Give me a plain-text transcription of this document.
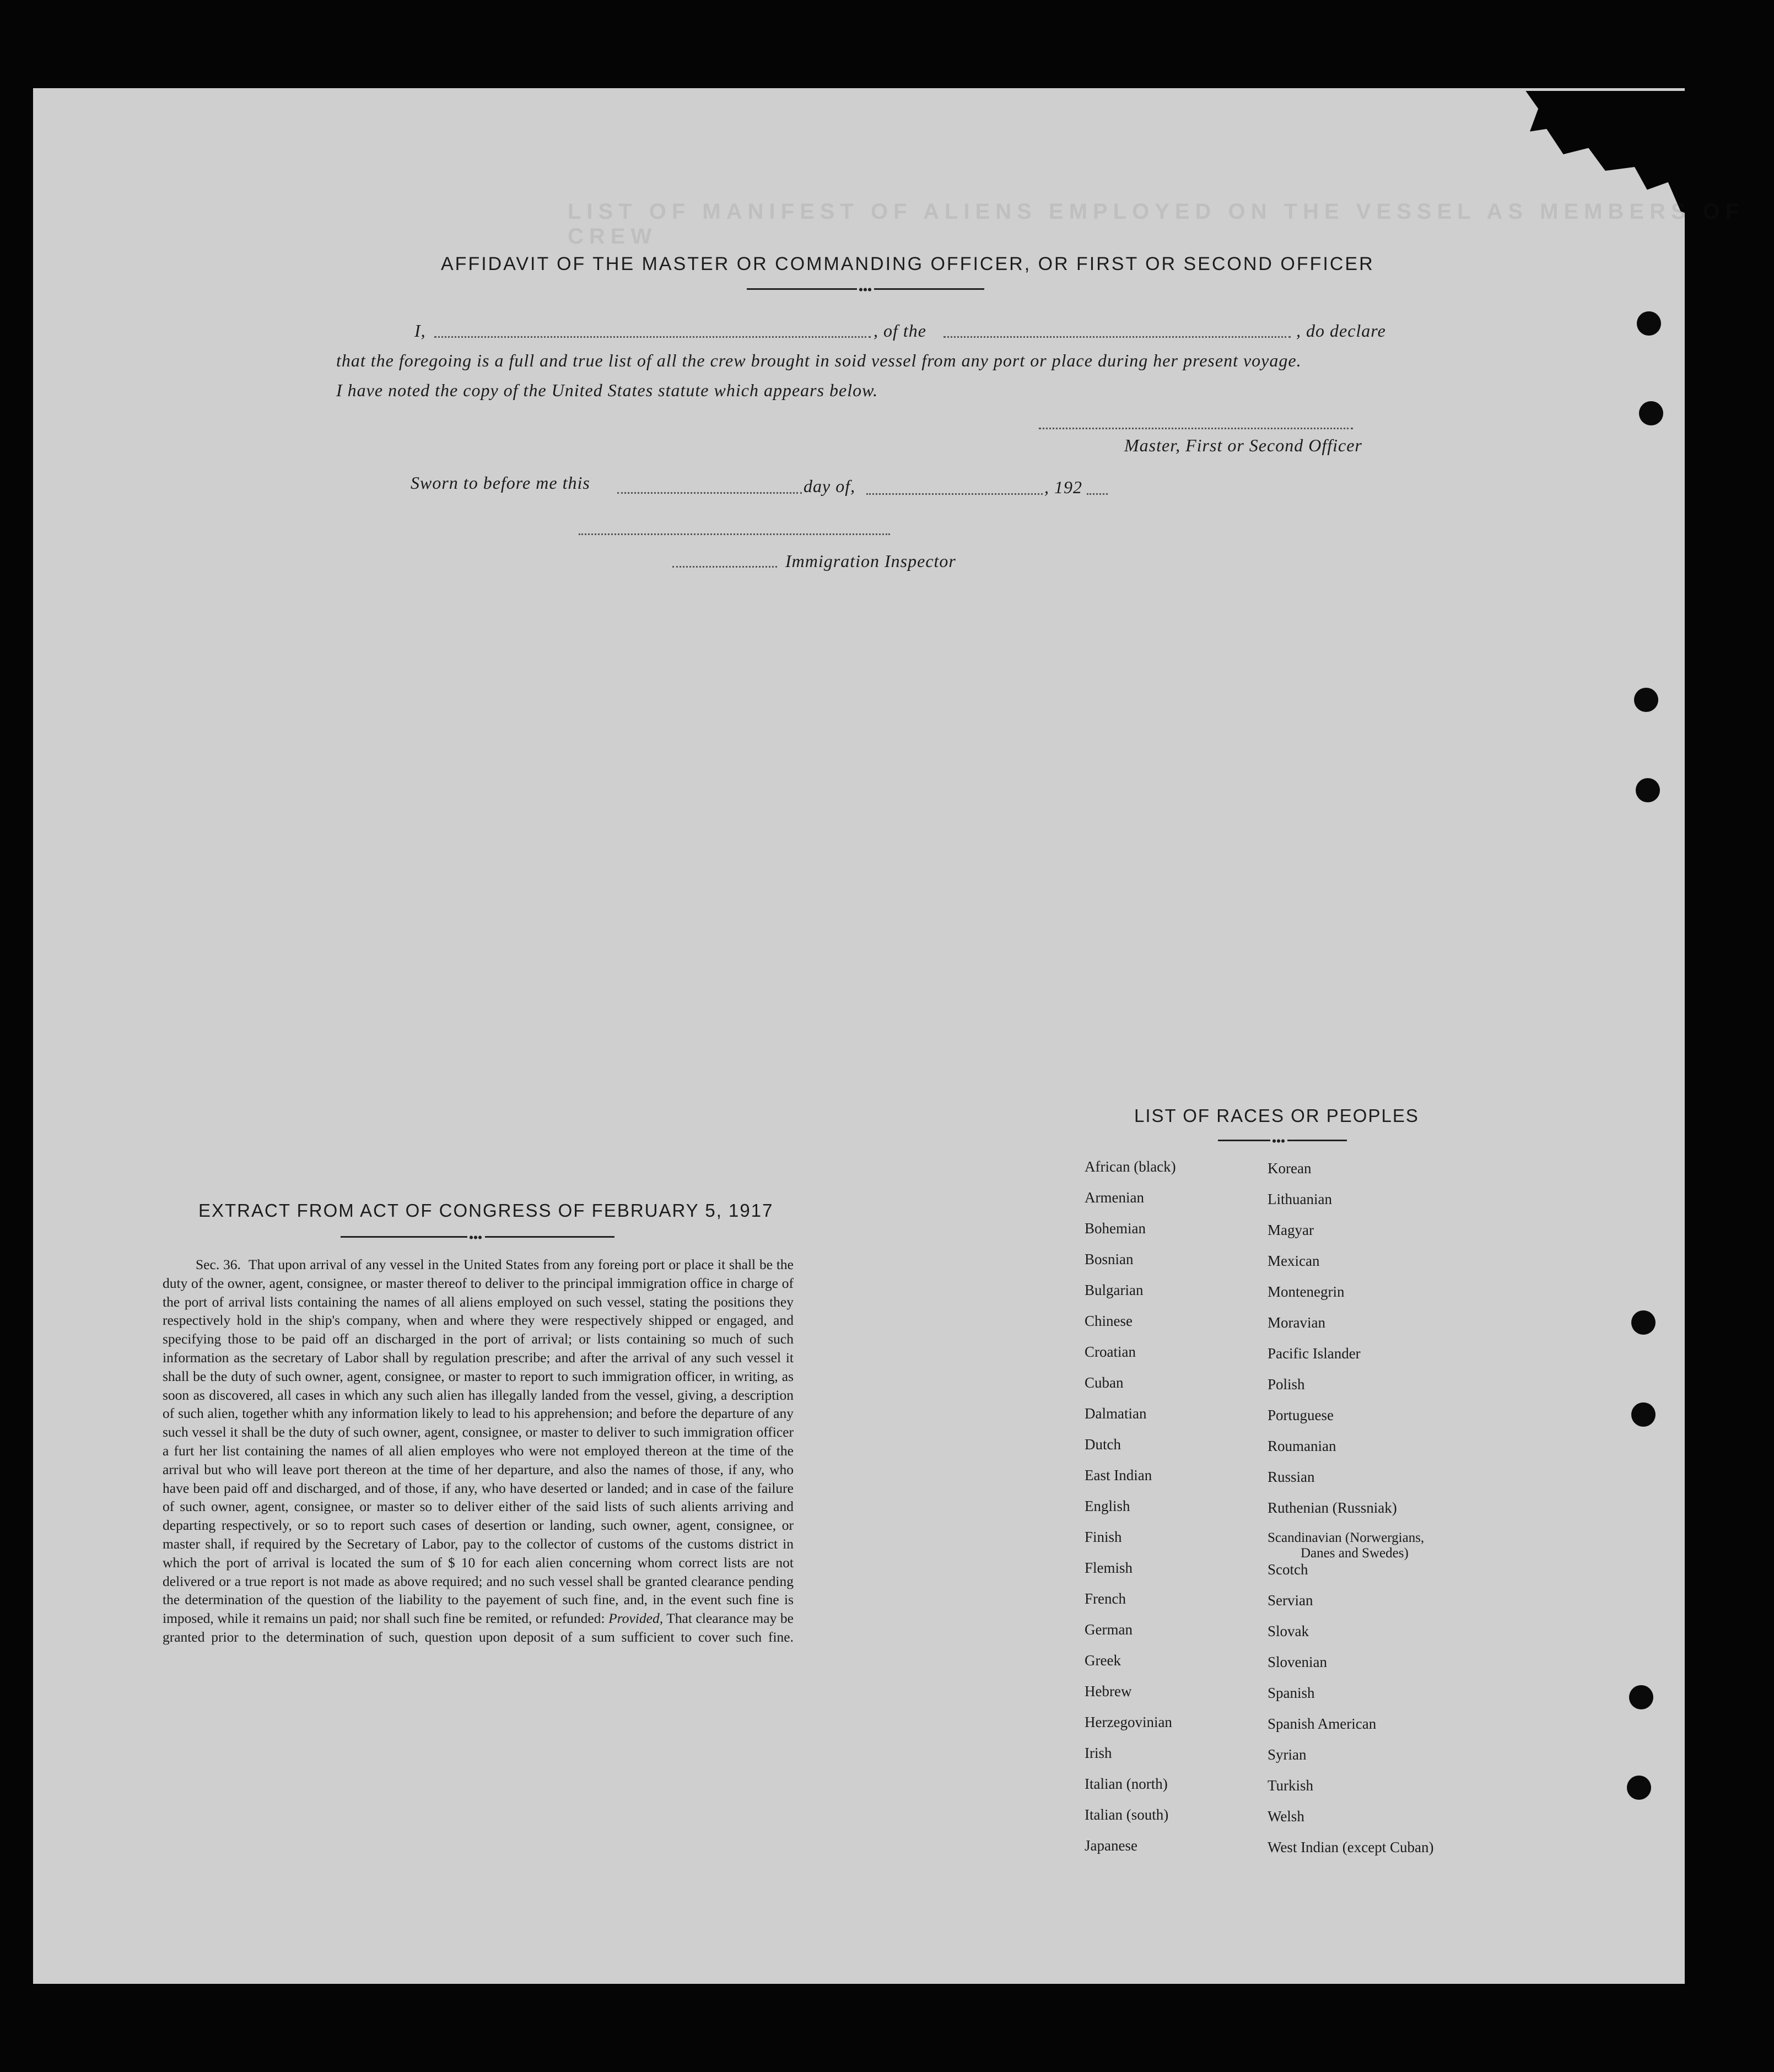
LIST OF MANIFEST OF ALIENS EMPLOYED ON THE VESSEL AS MEMBERS OF CREW
AFFIDAVIT OF THE MASTER OR COMMANDING OFFICER, OR FIRST OR SECOND OFFICER
I,	, of the	, do declare
that the foregoing is a full and true list of all the crew brought in soid vessel from any port or place during her present voyage.
I have noted the copy of the United States statute which appears below.
Master, First or Second Officer
Sworn to before me this	day of,	, 192
Immigration Inspector
EXTRACT FROM ACT OF CONGRESS OF FEBRUARY 5, 1917
Sec. 36. That upon arrival of any vessel in the United States from any foreing port or place it shall be the duty of the owner, agent, consignee, or master thereof to deliver to the principal immigration office in charge of the port of arrival lists containing the names of all aliens employed on such vessel, stating the positions they respectively hold in the ship's company, when and where they were respectively shipped or engaged, and specifying those to be paid off an discharged in the port of arrival; or lists containing so much of such information as the secretary of Labor shall by regulation prescribe; and after the arrival of any such vessel it shall be the duty of such owner, agent, consignee, or master to report to such immigration officer, in writing, as soon as discovered, all cases in which any such alien has illegally landed from the vessel, giving, a description of such alien, together whith any information likely to lead to his apprehension; and before the departure of any such vessel it shall be the duty of such owner, agent, consignee, or master to deliver to such immigration officer a furt her list containing the names of all alien employes who were not employed thereon at the time of the arrival but who will leave port thereon at the time of her departure, and also the names of those, if any, who have been paid off and discharged, and of those, if any, who have deserted or landed; and in case of the failure of such owner, agent, consignee, or master so to deliver either of the said lists of such alients arriving and departing respectively, or so to report such cases of desertion or landing, such owner, agent, consignee, or master shall, if required by the Secretary of Labor, pay to the collector of customs of the customs district in which the port of arrival is located the sum of $ 10 for each alien concerning whom correct lists are not delivered or a true report is not made as above required; and no such vessel shall be granted clearance pending the determination of the question of the liability to the payement of such fine, and, in the event such fine is imposed, while it remains un paid; nor shall such fine be remited, or refunded: Provided, That clearance may be granted prior to the determination of such, question upon deposit of a sum sufficient to cover such fine.
LIST OF RACES OR PEOPLES
African (black)
Armenian
Bohemian
Bosnian
Bulgarian
Chinese
Croatian
Cuban
Dalmatian
Dutch
East Indian
English
Finish
Flemish
French
German
Greek
Hebrew
Herzegovinian
Irish
Italian (north)
Italian (south)
Japanese
Korean
Lithuanian
Magyar
Mexican
Montenegrin
Moravian
Pacific Islander
Polish
Portuguese
Roumanian
Russian
Ruthenian (Russniak)
Scandinavian (Norwergians,
Danes and Swedes)
Scotch
Servian
Slovak
Slovenian
Spanish
Spanish American
Syrian
Turkish
Welsh
West Indian (except Cuban)
